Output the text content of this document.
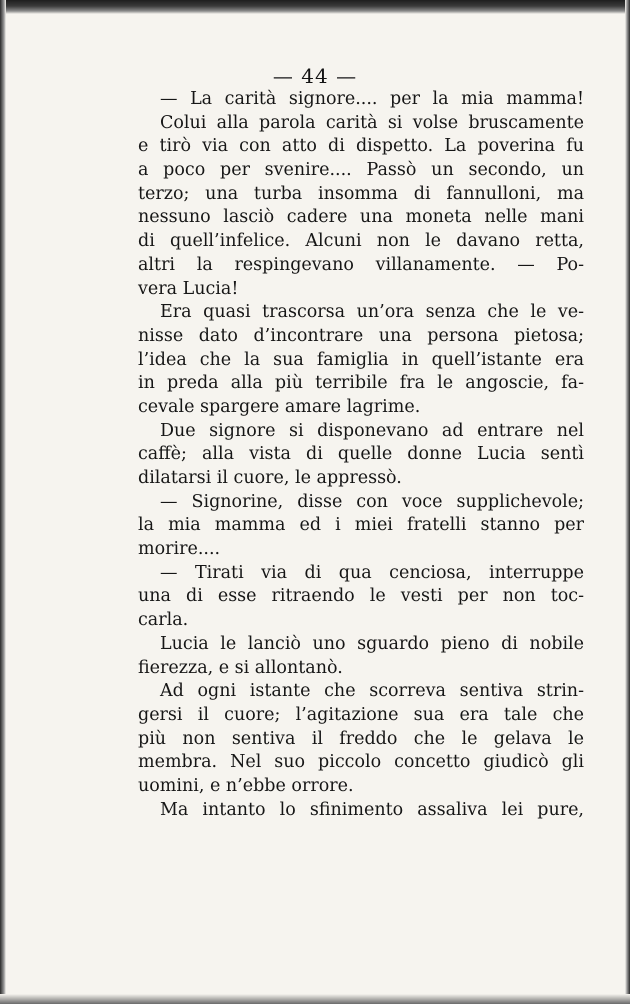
— 44 —
— La carità signore.... per la mia mamma!
Colui alla parola carità si volse bruscamente
e tirò via con atto di dispetto. La poverina fu
a poco per svenire.... Passò un secondo, un
terzo; una turba insomma di fannulloni, ma
nessuno lasciò cadere una moneta nelle mani
di quell’infelice. Alcuni non le davano retta,
altri la respingevano villanamente. — Po-
vera Lucia!
Era quasi trascorsa un’ora senza che le ve-
nisse dato d’incontrare una persona pietosa;
l’idea che la sua famiglia in quell’istante era
in preda alla più terribile fra le angoscie, fa-
cevale spargere amare lagrime.
Due signore si disponevano ad entrare nel
caffè; alla vista di quelle donne Lucia sentì
dilatarsi il cuore, le appressò.
— Signorine, disse con voce supplichevole;
la mia mamma ed i miei fratelli stanno per
morire....
— Tirati via di qua cenciosa, interruppe
una di esse ritraendo le vesti per non toc-
carla.
Lucia le lanciò uno sguardo pieno di nobile
fierezza, e si allontanò.
Ad ogni istante che scorreva sentiva strin-
gersi il cuore; l’agitazione sua era tale che
più non sentiva il freddo che le gelava le
membra. Nel suo piccolo concetto giudicò gli
uomini, e n’ebbe orrore.
Ma intanto lo sfinimento assaliva lei pure,
